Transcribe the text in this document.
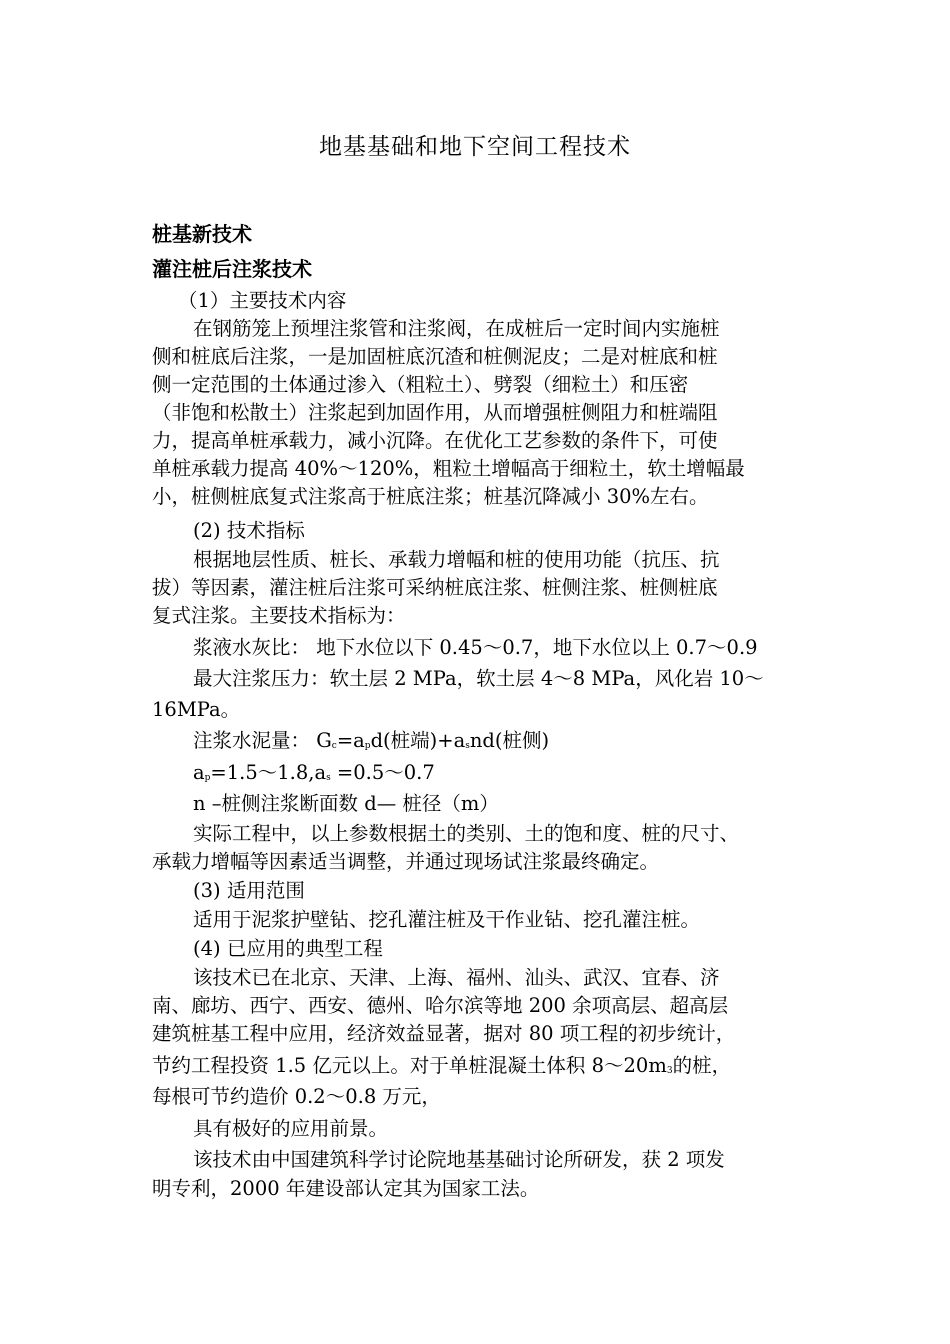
地基基础和地下空间工程技术
桩基新技术
灌注桩后注浆技术
（1）主要技术内容
在钢筋笼上预埋注浆管和注浆阀，在成桩后一定时间内实施桩
侧和桩底后注浆，一是加固桩底沉渣和桩侧泥皮；二是对桩底和桩
侧一定范围的土体通过渗入（粗粒土）、劈裂（细粒土）和压密
（非饱和松散土）注浆起到加固作用，从而增强桩侧阻力和桩端阻
力，提高单桩承载力，减小沉降。在优化工艺参数的条件下，可使
单桩承载力提高 40%～120%，粗粒土增幅高于细粒土，软土增幅最
小，桩侧桩底复式注浆高于桩底注浆；桩基沉降减小 30%左右。
(2) 技术指标
根据地层性质、桩长、承载力增幅和桩的使用功能（抗压、抗
拔）等因素，灌注桩后注浆可采纳桩底注浆、桩侧注浆、桩侧桩底
复式注浆。主要技术指标为：
浆液水灰比： 地下水位以下 0.45～0.7，地下水位以上 0.7～0.9
最大注浆压力：软土层 2 MPa，软土层 4～8 MPa，风化岩 10～
16MPa。
注浆水泥量： $G_c=a_pd$(桩端)$+a_snd$(桩侧)
$a_p=1.5\sim 1.8,a_s$ =0.5～0.7
n –桩侧注浆断面数 d— 桩径（m）
实际工程中，以上参数根据土的类别、土的饱和度、桩的尺寸、
承载力增幅等因素适当调整，并通过现场试注浆最终确定。
(3) 适用范围
适用于泥浆护壁钻、挖孔灌注桩及干作业钻、挖孔灌注桩。
(4) 已应用的典型工程
该技术已在北京、天津、上海、福州、汕头、武汉、宜春、济
南、廊坊、西宁、西安、德州、哈尔滨等地 200 余项高层、超高层
建筑桩基工程中应用，经济效益显著，据对 80 项工程的初步统计，
节约工程投资 1.5 亿元以上。对于单桩混凝土体积 $8\sim 20m_3$的桩，
每根可节约造价 0.2～0.8 万元，
具有极好的应用前景。
该技术由中国建筑科学讨论院地基基础讨论所研发，获 2 项发
明专利，2000 年建设部认定其为国家工法。
